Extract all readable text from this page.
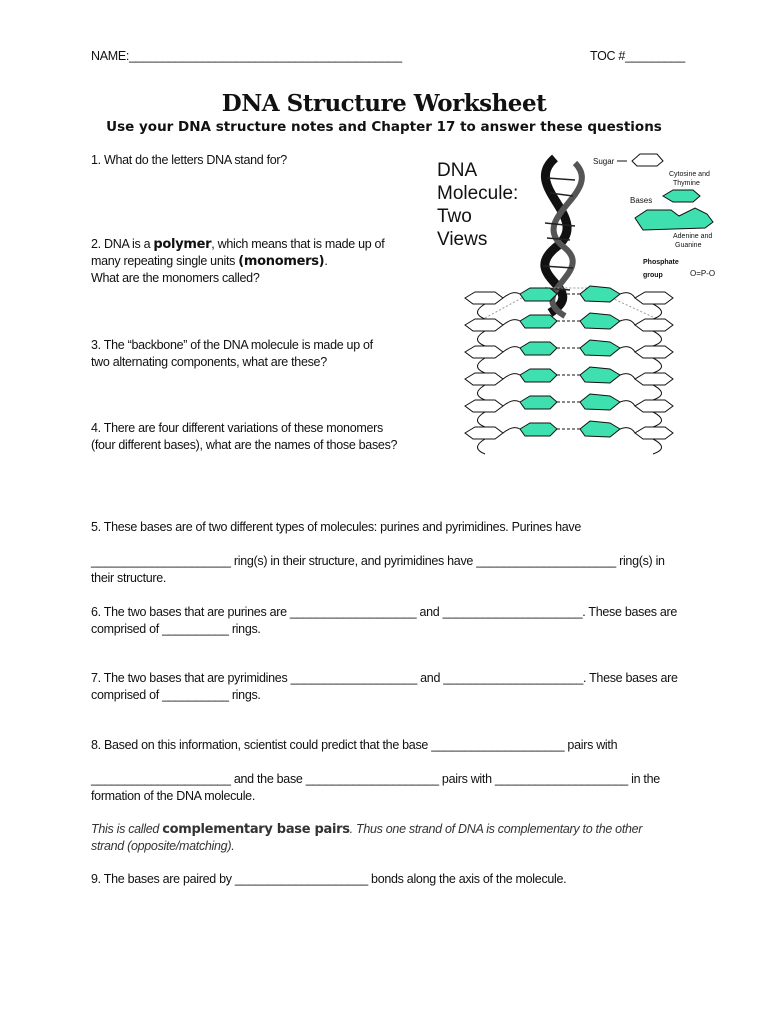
NAME:_________________________________________	TOC #_________
DNA Structure Worksheet
Use your DNA structure notes and Chapter 17 to answer these questions
1. What do the letters DNA stand for?
2. DNA is a polymer, which means that is made up of
many repeating single units (monomers).
What are the monomers called?
3. The “backbone” of the DNA molecule is made up of
two alternating components, what are these?
4. There are four different variations of these monomers
(four different bases), what are the names of those bases?
5. These bases are of two different types of molecules: purines and pyrimidines. Purines have
_____________________ ring(s) in their structure, and pyrimidines have _____________________ ring(s) in
their structure.
6. The two bases that are purines are ___________________ and _____________________. These bases are
comprised of __________ rings.
7. The two bases that are pyrimidines ___________________ and _____________________. These bases are
comprised of __________ rings.
8. Based on this information, scientist could predict that the base ____________________ pairs with
_____________________ and the base ____________________ pairs with ____________________ in the
formation of the DNA molecule.
This is called complementary base pairs. Thus one strand of DNA is complementary to the other
strand (opposite/matching).
9. The bases are paired by ____________________ bonds along the axis of the molecule.
DNA
Molecule:
Two
Views
Sugar
Cytosine and
Thymine
Bases
Adenine and
Guanine
Phosphate
group	O=P-O
